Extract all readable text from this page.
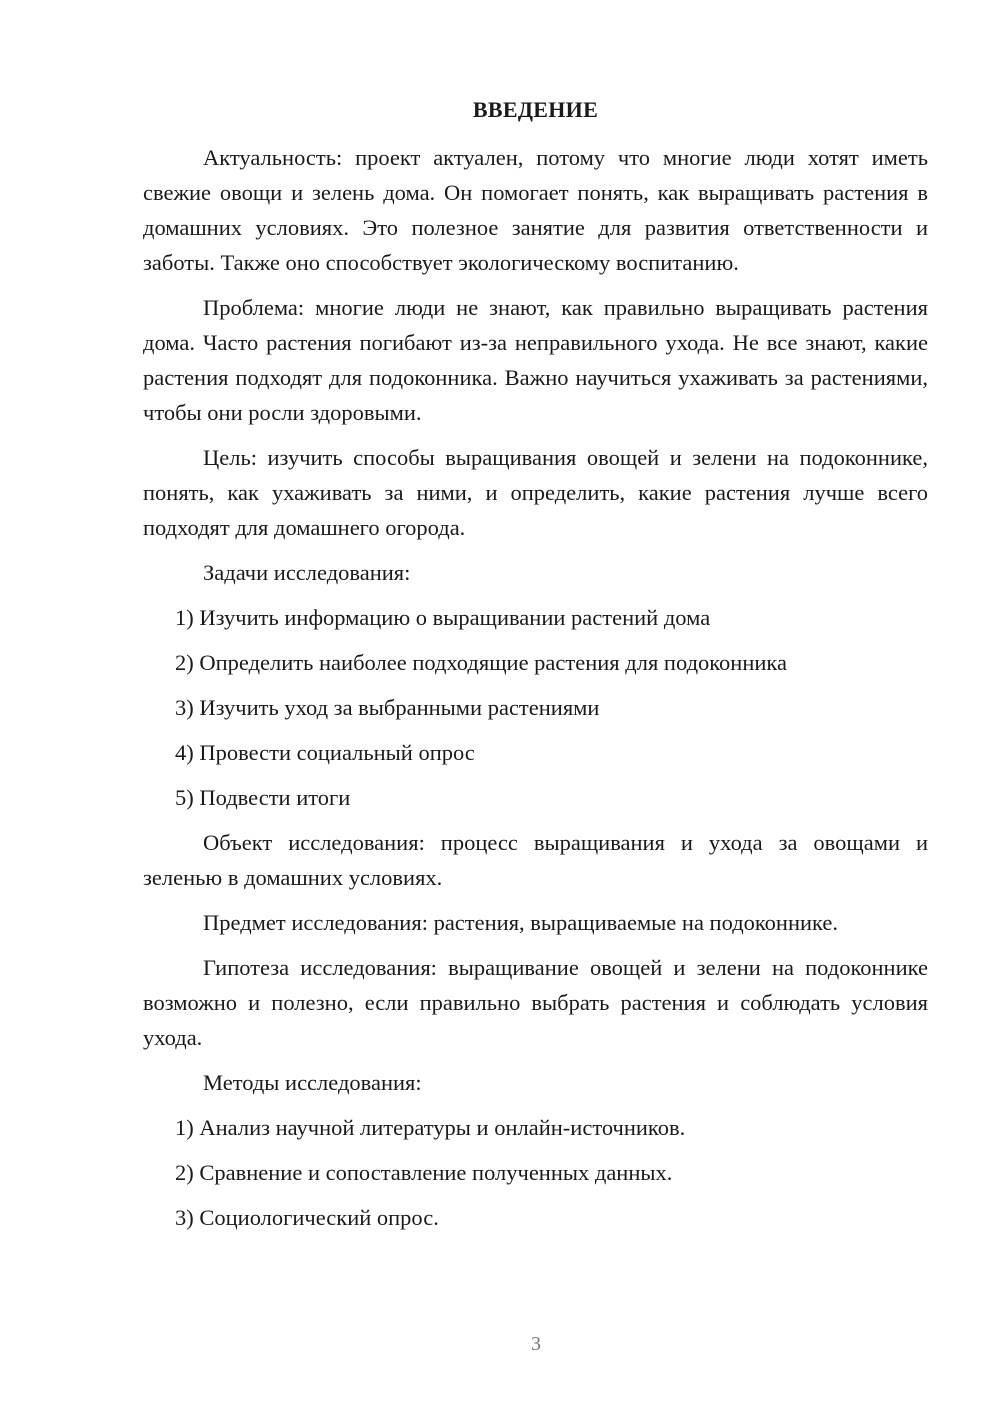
ВВЕДЕНИЕ

Актуальность: проект актуален, потому что многие люди хотят иметь свежие овощи и зелень дома. Он помогает понять, как выращивать растения в домашних условиях. Это полезное занятие для развития ответственности и заботы. Также оно способствует экологическому воспитанию.

Проблема: многие люди не знают, как правильно выращивать растения дома. Часто растения погибают из-за неправильного ухода. Не все знают, какие растения подходят для подоконника. Важно научиться ухаживать за растениями, чтобы они росли здоровыми.

Цель: изучить способы выращивания овощей и зелени на подоконнике, понять, как ухаживать за ними, и определить, какие растения лучше всего подходят для домашнего огорода.

Задачи исследования:

1) Изучить информацию о выращивании растений дома
2) Определить наиболее подходящие растения для подоконника
3) Изучить уход за выбранными растениями
4) Провести социальный опрос
5) Подвести итоги

Объект исследования: процесс выращивания и ухода за овощами и зеленью в домашних условиях.

Предмет исследования: растения, выращиваемые на подоконнике.

Гипотеза исследования: выращивание овощей и зелени на подоконнике возможно и полезно, если правильно выбрать растения и соблюдать условия ухода.

Методы исследования:

1) Анализ научной литературы и онлайн-источников.
2) Сравнение и сопоставление полученных данных.
3) Социологический опрос.
3
